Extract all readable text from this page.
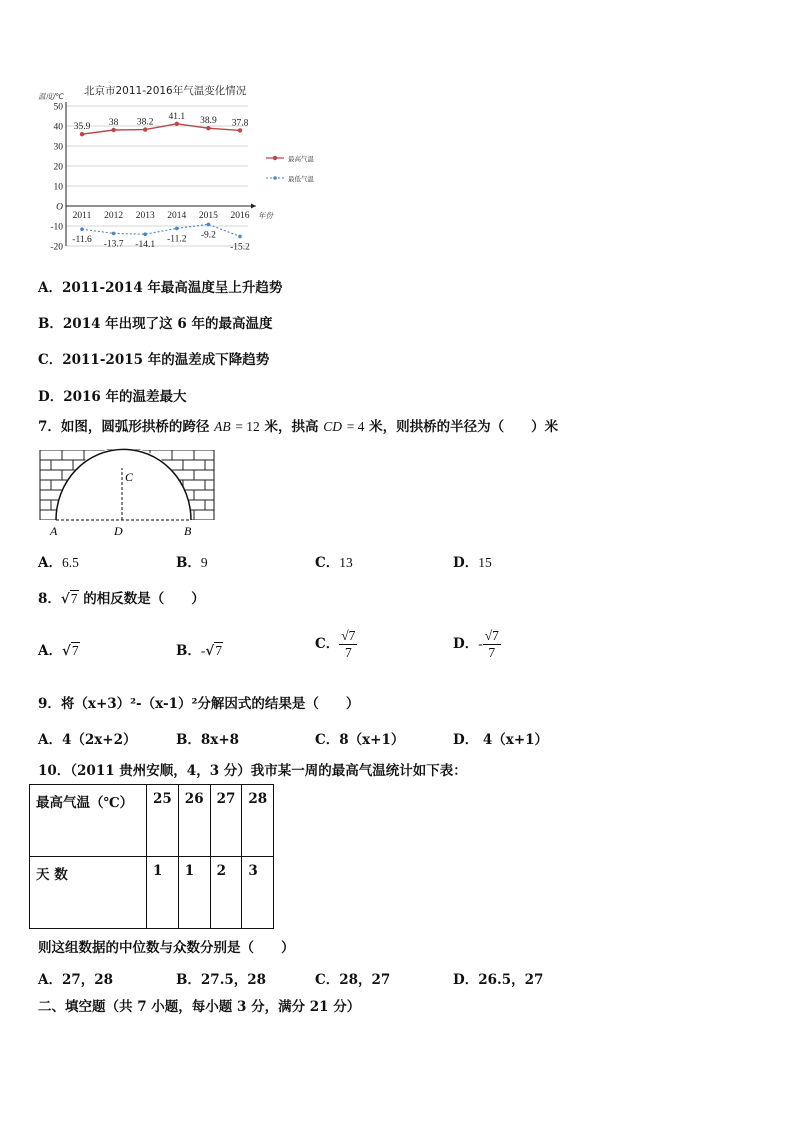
50
40
30
20
10
O
-10
-20
2011 2012 2013 2014 2015 2016
35.9 38 38.2
41.1 38.9 37.8
-11.6 -13.7 -14.1
-11.2 -9.2
-15.2
北京市2011-2016年气温变化情况
温度/℃
年份
最高气温
最低气温
A．2011-2014 年最高温度呈上升趋势
B．2014 年出现了这 6 年的最高温度
C．2011-2015 年的温差成下降趋势
D．2016 年的温差最大
7．如图，圆弧形拱桥的跨径 AB = 12 米，拱高 CD = 4 米，则拱桥的半径为（　　）米
A	B
C
D
A．6.5	B．9	C．13	D．15
8．√7 的相反数是（　　）
A．√7	B．-√7	C． $\frac{√7}{7}$	D．- $\frac{√7}{7}$
9．将（x+3）²-（x-1）²分解因式的结果是（　　）
A．4（2x+2）	B．8x+8	C．8（x+1）	D． 4（x+1）
10．（2011 贵州安顺，4，3 分）我市某一周的最高气温统计如下表：
最高气温（℃）	25	26	27	28
天 数	1	1	2	3
则这组数据的中位数与众数分别是（　　）
A．27，28	B．27.5，28	C．28，27	D．26.5，27
二、填空题（共 7 小题，每小题 3 分，满分 21 分）
